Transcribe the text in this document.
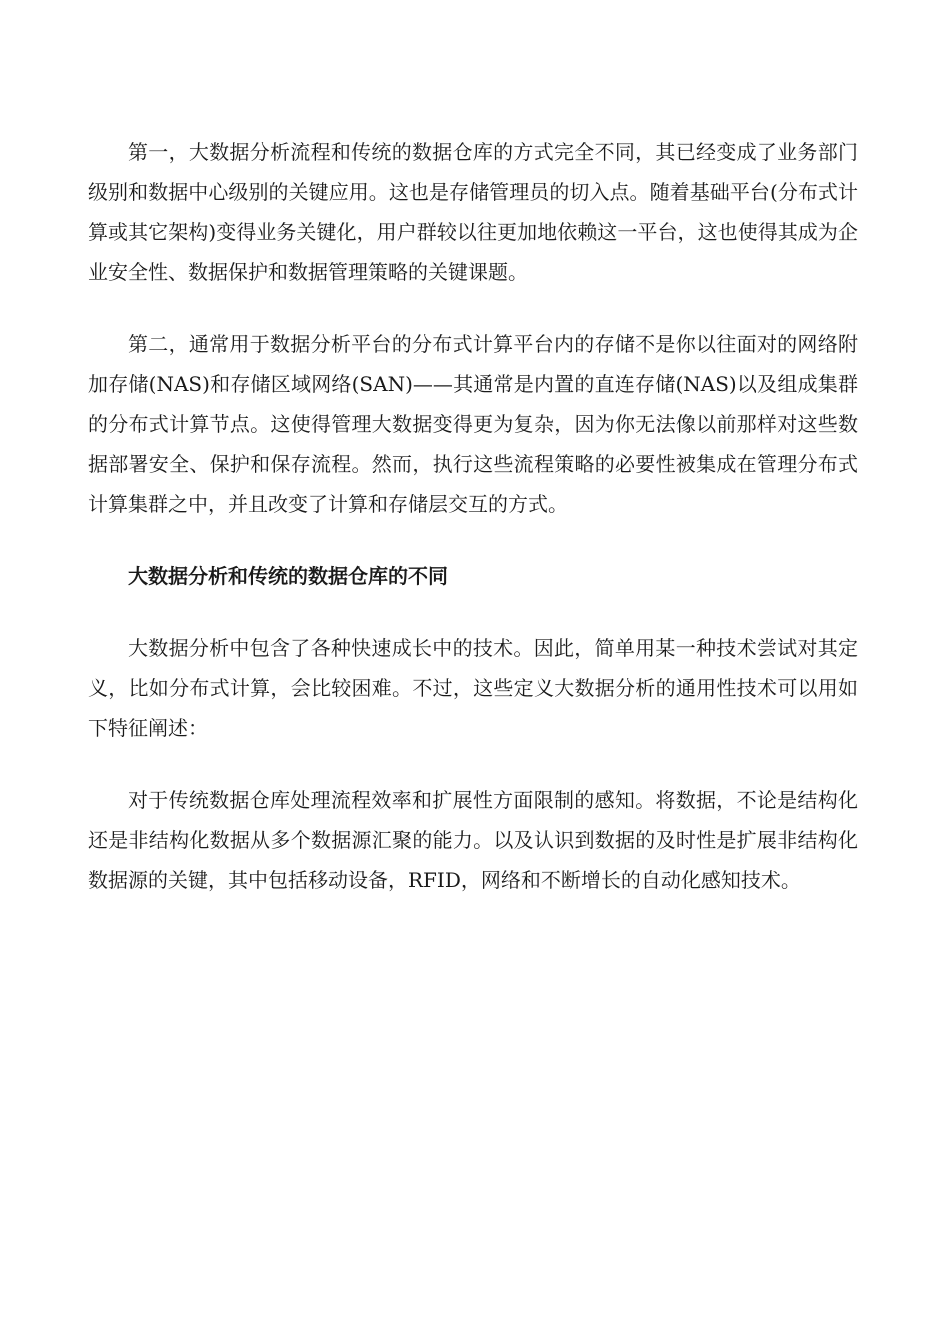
第一，大数据分析流程和传统的数据仓库的方式完全不同，其已经变成了业务部门级别和数据中心级别的关键应用。这也是存储管理员的切入点。随着基础平台(分布式计算或其它架构)变得业务关键化，用户群较以往更加地依赖这一平台，这也使得其成为企业安全性、数据保护和数据管理策略的关键课题。

第二，通常用于数据分析平台的分布式计算平台内的存储不是你以往面对的网络附加存储(NAS)和存储区域网络(SAN)——其通常是内置的直连存储(NAS)以及组成集群的分布式计算节点。这使得管理大数据变得更为复杂，因为你无法像以前那样对这些数据部署安全、保护和保存流程。然而，执行这些流程策略的必要性被集成在管理分布式计算集群之中，并且改变了计算和存储层交互的方式。

大数据分析和传统的数据仓库的不同

大数据分析中包含了各种快速成长中的技术。因此，简单用某一种技术尝试对其定义，比如分布式计算，会比较困难。不过，这些定义大数据分析的通用性技术可以用如下特征阐述：

对于传统数据仓库处理流程效率和扩展性方面限制的感知。将数据，不论是结构化还是非结构化数据从多个数据源汇聚的能力。以及认识到数据的及时性是扩展非结构化数据源的关键，其中包括移动设备，RFID，网络和不断增长的自动化感知技术。
